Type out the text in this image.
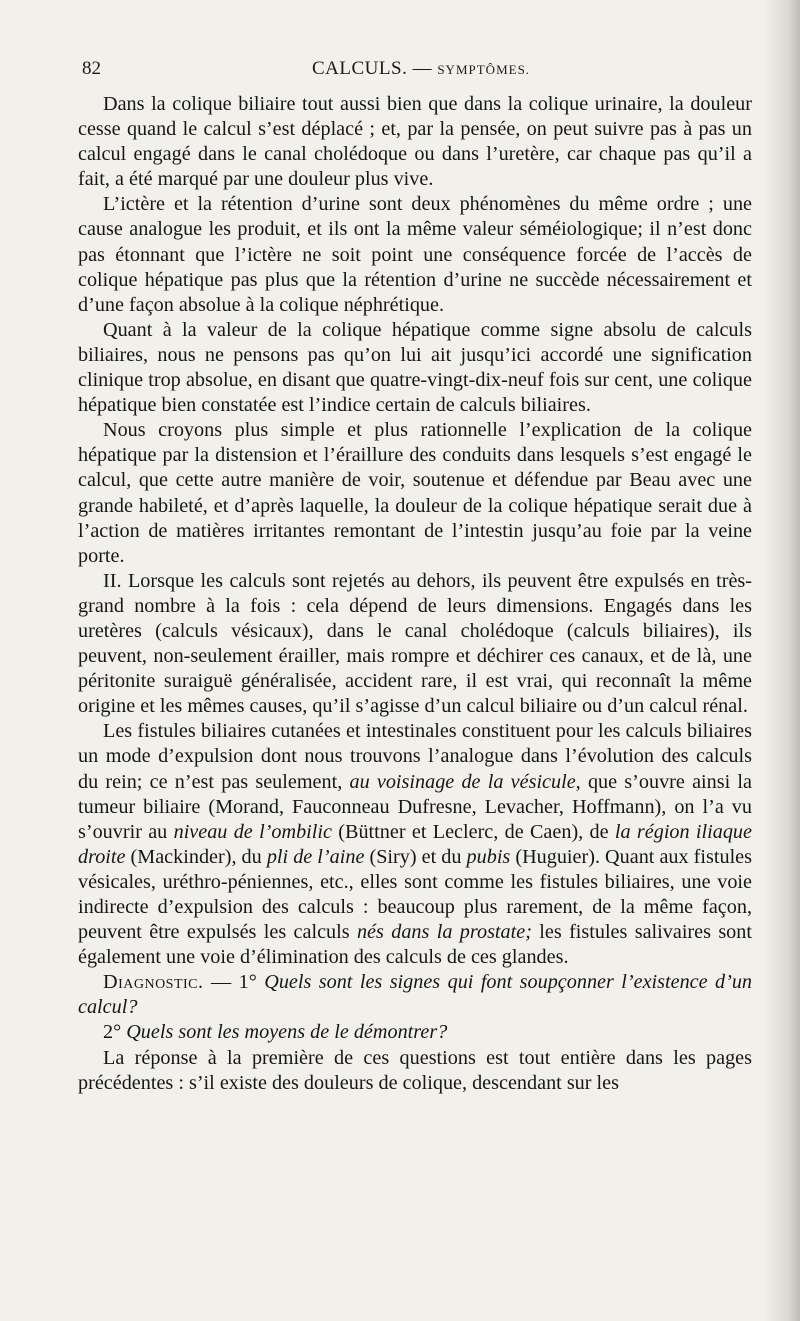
82	CALCULS. — SYMPTÔMES.

Dans la colique biliaire tout aussi bien que dans la colique urinaire, la douleur cesse quand le calcul s’est déplacé ; et, par la pensée, on peut suivre pas à pas un calcul engagé dans le canal cholédoque ou dans l’uretère, car chaque pas qu’il a fait, a été marqué par une douleur plus vive.

L’ictère et la rétention d’urine sont deux phénomènes du même ordre ; une cause analogue les produit, et ils ont la même valeur séméiologique; il n’est donc pas étonnant que l’ictère ne soit point une conséquence forcée de l’accès de colique hépatique pas plus que la rétention d’urine ne succède nécessairement et d’une façon absolue à la colique néphrétique.

Quant à la valeur de la colique hépatique comme signe absolu de calculs biliaires, nous ne pensons pas qu’on lui ait jusqu’ici accordé une signification clinique trop absolue, en disant que quatre-vingt-dix-neuf fois sur cent, une colique hépatique bien constatée est l’indice certain de calculs biliaires.

Nous croyons plus simple et plus rationnelle l’explication de la colique hépatique par la distension et l’éraillure des conduits dans lesquels s’est engagé le calcul, que cette autre manière de voir, soutenue et défendue par Beau avec une grande habileté, et d’après laquelle, la douleur de la colique hépatique serait due à l’action de matières irritantes remontant de l’intestin jusqu’au foie par la veine porte.

II. Lorsque les calculs sont rejetés au dehors, ils peuvent être expulsés en très-grand nombre à la fois : cela dépend de leurs dimensions. Engagés dans les uretères (calculs vésicaux), dans le canal cholédoque (calculs biliaires), ils peuvent, non-seulement érailler, mais rompre et déchirer ces canaux, et de là, une péritonite suraiguë généralisée, accident rare, il est vrai, qui reconnaît la même origine et les mêmes causes, qu’il s’agisse d’un calcul biliaire ou d’un calcul rénal.

Les fistules biliaires cutanées et intestinales constituent pour les calculs biliaires un mode d’expulsion dont nous trouvons l’analogue dans l’évolution des calculs du rein; ce n’est pas seulement, au voisinage de la vésicule, que s’ouvre ainsi la tumeur biliaire (Morand, Fauconneau Dufresne, Levacher, Hoffmann), on l’a vu s’ouvrir au niveau de l’ombilic (Büttner et Leclerc, de Caen), de la région iliaque droite (Mackinder), du pli de l’aine (Siry) et du pubis (Huguier). Quant aux fistules vésicales, uréthro-péniennes, etc., elles sont comme les fistules biliaires, une voie indirecte d’expulsion des calculs : beaucoup plus rarement, de la même façon, peuvent être expulsés les calculs nés dans la prostate; les fistules salivaires sont également une voie d’élimination des calculs de ces glandes.

Diagnostic. — 1° Quels sont les signes qui font soupçonner l’existence d’un calcul?

2° Quels sont les moyens de le démontrer?

La réponse à la première de ces questions est tout entière dans les pages précédentes : s’il existe des douleurs de colique, descendant sur les
